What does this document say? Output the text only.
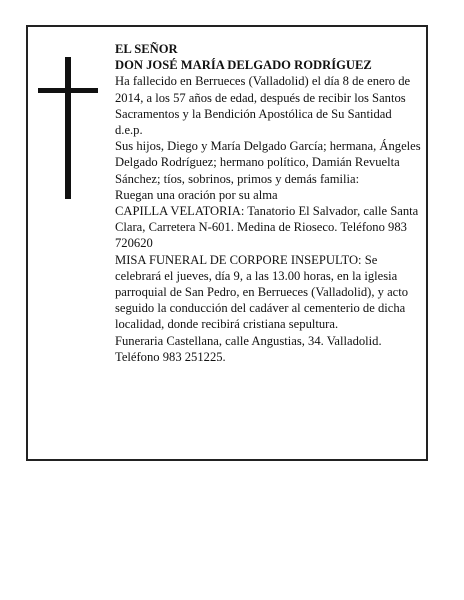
EL SEÑOR

DON JOSÉ MARÍA DELGADO RODRÍGUEZ

Ha fallecido en Berrueces (Valladolid) el día 8 de enero de 2014, a los 57 años de edad, después de recibir los Santos Sacramentos y la Bendición Apostólica de Su Santidad

d.e.p.

Sus hijos, Diego y María Delgado García; hermana, Ángeles Delgado Rodríguez; hermano político, Damián Revuelta Sánchez; tíos, sobrinos, primos y demás familia:

Ruegan una oración por su alma

CAPILLA VELATORIA: Tanatorio El Salvador, calle Santa Clara, Carretera N-601. Medina de Rioseco. Teléfono 983 720620

MISA FUNERAL DE CORPORE INSEPULTO: Se celebrará el jueves, día 9, a las 13.00 horas, en la iglesia parroquial de San Pedro, en Berrueces (Valladolid), y acto seguido la conducción del cadáver al cementerio de dicha localidad, donde recibirá cristiana sepultura.

Funeraria Castellana, calle Angustias, 34. Valladolid. Teléfono 983 251225.
